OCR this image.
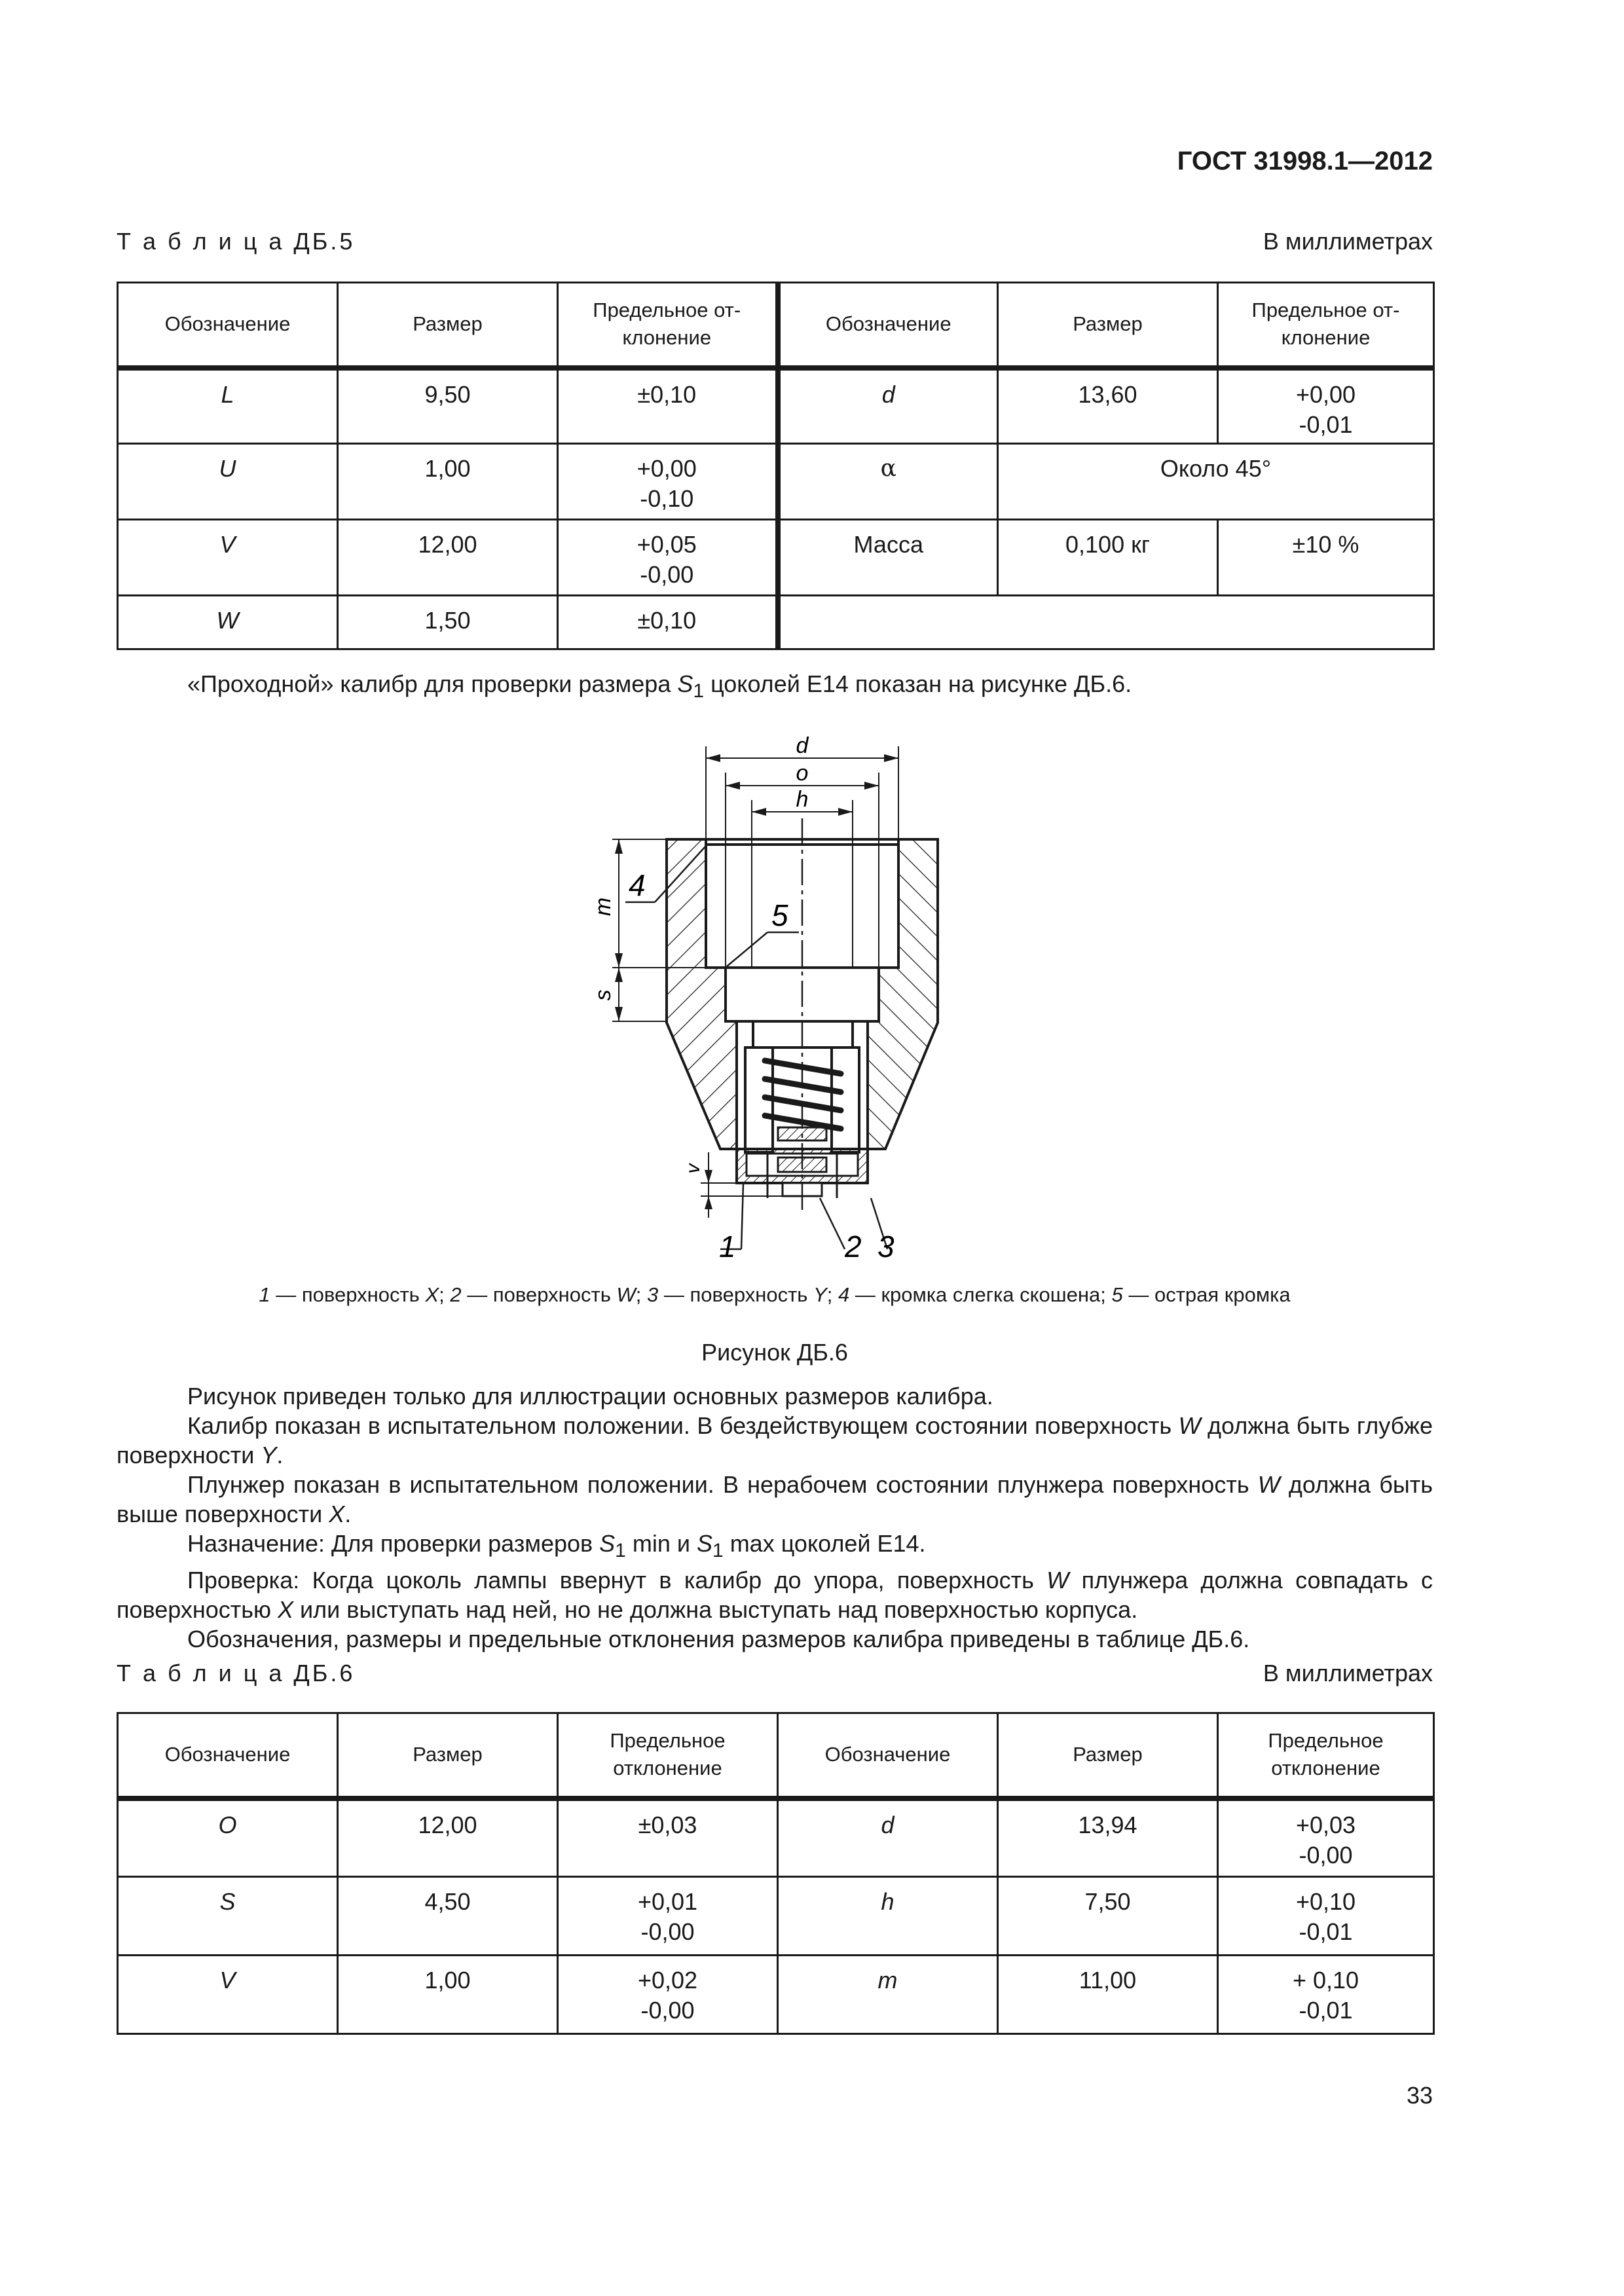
ГОСТ 31998.1—2012
Т а б л и ц а ДБ.5	В миллиметрах
Обозначение	Размер	Предельное от- клонение	Обозначение	Размер	Предельное от- клонение

L	9,50	±0,10	d	13,60	+0,00
-0,01

U	1,00	+0,00
-0,10	α	Около 45°	

V	12,00	+0,05
-0,00	Масса	0,100 кг	±10 %

W	1,50	±0,10			

«Проходной» калибр для проверки размера $S_1$ цоколей Е14 показан на рисунке ДБ.6.
d
o
h
m
s
v
4
5
1	2 3
1 — поверхность X; 2 — поверхность W; 3 — поверхность Y; 4 — кромка слегка скошена; 5 — острая кромка
Рисунок ДБ.6
Рисунок приведен только для иллюстрации основных размеров калибра.
Калибр показан в испытательном положении. В бездействующем состоянии поверхность W должна быть глубже поверхности Y.
Плунжер показан в испытательном положении. В нерабочем состоянии плунжера поверхность W должна быть выше поверхности X.
Назначение: Для проверки размеров $S_1$ min и $S_1$ max цоколей Е14.
Проверка: Когда цоколь лампы ввернут в калибр до упора, поверхность W плунжера должна совпадать с поверхностью X или выступать над ней, но не должна выступать над поверхностью корпуса.
Обозначения, размеры и предельные отклонения размеров калибра приведены в таблице ДБ.6.
Т а б л и ц а ДБ.6	В миллиметрах
Обозначение	Размер	Предельное отклонение	Обозначение	Размер	Предельное отклонение

O	12,00	±0,03	d	13,94	+0,03
-0,00

S	4,50	+0,01
-0,00	h	7,50	+0,10
-0,01

V	1,00	+0,02
-0,00	m	11,00	+ 0,10
-0,01
33
